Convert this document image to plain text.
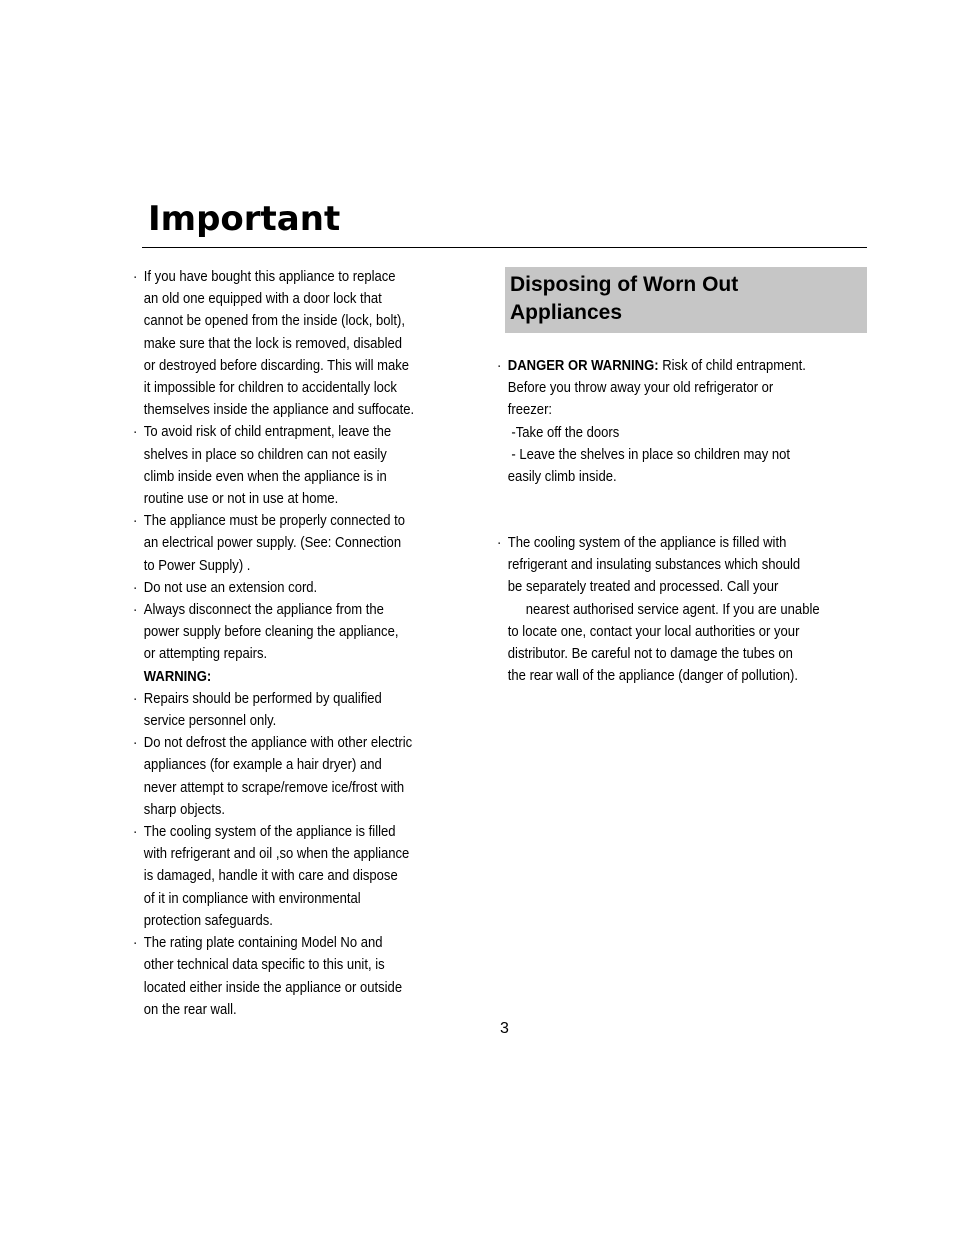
Important
· If you have bought this appliance to replace
an old one equipped with a door lock that
cannot be opened from the inside (lock, bolt),
make sure that the lock is removed, disabled
or destroyed before discarding. This will make
it impossible for children to accidentally lock
themselves inside the appliance and suffocate.
· To avoid risk of child entrapment, leave the
shelves in place so children can not easily
climb inside even when the appliance is in
routine use or not in use at home.
· The appliance must be properly connected to
an electrical power supply. (See: Connection
to Power Supply) .
· Do not use an extension cord.
· Always disconnect the appliance from the
power supply before cleaning the appliance,
or attempting repairs.
WARNING:
· Repairs should be performed by qualified
service personnel only.
· Do not defrost the appliance with other electric
appliances (for example a hair dryer) and
never attempt to scrape/remove ice/frost with
sharp objects.
· The cooling system of the appliance is filled
with refrigerant and oil ,so when the appliance
is damaged, handle it with care and dispose
of it in compliance with environmental
protection safeguards.
· The rating plate containing Model No and
other technical data specific to this unit, is
located either inside the appliance or outside
on the rear wall.
Disposing of Worn Out
Appliances
· DANGER OR WARNING: Risk of child entrapment.
Before you throw away your old refrigerator or
freezer:
-Take off the doors
- Leave the shelves in place so children may not
easily climb inside.
· The cooling system of the appliance is filled with
refrigerant and insulating substances which should
be separately treated and processed. Call your
nearest authorised service agent. If you are unable
to locate one, contact your local authorities or your
distributor. Be careful not to damage the tubes on
the rear wall of the appliance (danger of pollution).
3
